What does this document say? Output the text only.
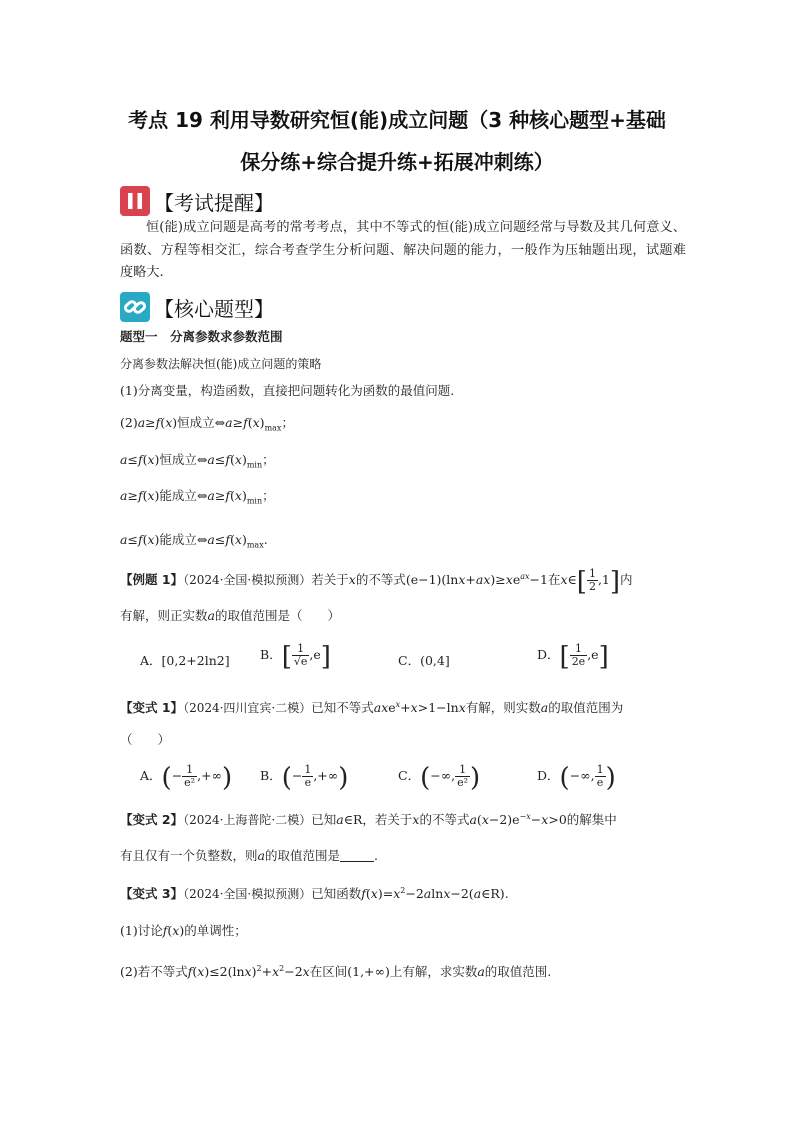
考点 19 利用导数研究恒(能)成立问题（3 种核心题型+基础
保分练+综合提升练+拓展冲刺练）
【考试提醒】
恒(能)成立问题是高考的常考考点，其中不等式的恒(能)成立问题经常与导数及其几何意义、函数、方程等相交汇，综合考查学生分析问题、解决问题的能力，一般作为压轴题出现，试题难度略大.
【核心题型】
题型一　分离参数求参数范围
分离参数法解决恒(能)成立问题的策略
(1)分离变量，构造函数，直接把问题转化为函数的最值问题.
(2)a≥f(x)恒成立$\Leftrightarrow a\ge f(x)_{max}$；
a≤f(x)恒成立$\Leftrightarrow a\le f(x)_{min}$；
a≥f(x)能成立$\Leftrightarrow a\ge f(x)_{min}$；
a≤f(x)能成立$\Leftrightarrow a\le f(x)_{max}$.
【例题 1】（2024·全国·模拟预测）若关于x的不等式$(e-1)(\ln x+ax)\ge xe^{ax}-1$在x∈[ $\frac{1}{2} ,1$]内
有解，则正实数a的取值范围是（　　）
A．[0,2+2ln2] B．[ $\frac{1}{√e} ,e$]	C．(0,4]	D．[ $\frac{1}{2e} ,e$]
【变式 1】（2024·四川宜宾·二模）已知不等式axe$^x$+x>1−lnx有解，则实数a的取值范围为
（　　）
A．(− $\frac{1}{\text{e²}}$ ,+∞) B．(− $\frac{1}{e}$ ,+∞)	C．(−∞, $\frac{1}{\text{e²}}$ )	D．(−∞, $\frac{1}{e}$ )
【变式 2】（2024·上海普陀·二模）已知a∈R，若关于x的不等式$a(x-2)e^{-x}-x>0$的解集中
有且仅有一个负整数，则a的取值范围是	.
【变式 3】（2024·全国·模拟预测）已知函数$f(x)=x^2-2alnx-2(a\in R)$.
(1)讨论f(x)的单调性；
(2)若不等式$f(x)\le 2(\ln x)^2+x^2-2x$在区间(1,+∞)上有解，求实数a的取值范围.
